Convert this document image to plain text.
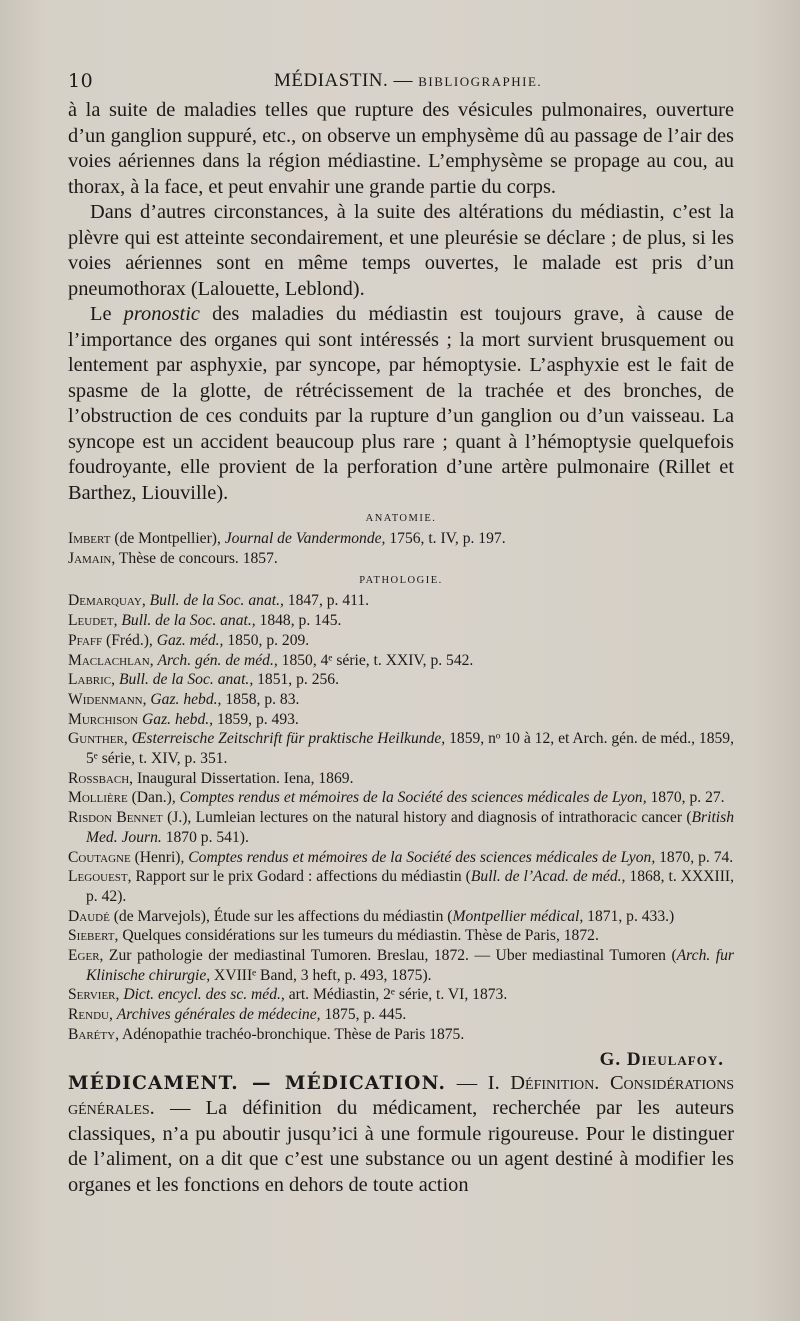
10	MÉDIASTIN. — BIBLIOGRAPHIE.

à la suite de maladies telles que rupture des vésicules pulmonaires, ouverture d’un ganglion suppuré, etc., on observe un emphysème dû au passage de l’air des voies aériennes dans la région médiastine. L’emphysème se propage au cou, au thorax, à la face, et peut envahir une grande partie du corps.

Dans d’autres circonstances, à la suite des altérations du médiastin, c’est la plèvre qui est atteinte secondairement, et une pleurésie se déclare ; de plus, si les voies aériennes sont en même temps ouvertes, le malade est pris d’un pneumothorax (Lalouette, Leblond).

Le pronostic des maladies du médiastin est toujours grave, à cause de l’importance des organes qui sont intéressés ; la mort survient brusquement ou lentement par asphyxie, par syncope, par hémoptysie. L’asphyxie est le fait de spasme de la glotte, de rétrécissement de la trachée et des bronches, de l’obstruction de ces conduits par la rupture d’un ganglion ou d’un vaisseau. La syncope est un accident beaucoup plus rare ; quant à l’hémoptysie quelquefois foudroyante, elle provient de la perforation d’une artère pulmonaire (Rillet et Barthez, Liouville).

ANATOMIE.
Imbert (de Montpellier), Journal de Vandermonde, 1756, t. IV, p. 197.
Jamain, Thèse de concours. 1857.
PATHOLOGIE.
Demarquay, Bull. de la Soc. anat., 1847, p. 411.
Leudet, Bull. de la Soc. anat., 1848, p. 145.
Pfaff (Fréd.), Gaz. méd., 1850, p. 209.
Maclachlan, Arch. gén. de méd., 1850, 4ᵉ série, t. XXIV, p. 542.
Labric, Bull. de la Soc. anat., 1851, p. 256.
Widenmann, Gaz. hebd., 1858, p. 83.
Murchison Gaz. hebd., 1859, p. 493.
Gunther, Œsterreische Zeitschrift für praktische Heilkunde, 1859, nᵒ 10 à 12, et Arch. gén. de méd., 1859, 5ᵉ série, t. XIV, p. 351.
Rossbach, Inaugural Dissertation. Iena, 1869.
Mollière (Dan.), Comptes rendus et mémoires de la Société des sciences médicales de Lyon, 1870, p. 27.
Risdon Bennet (J.), Lumleian lectures on the natural history and diagnosis of intrathoracic cancer (British Med. Journ. 1870 p. 541).
Coutagne (Henri), Comptes rendus et mémoires de la Société des sciences médicales de Lyon, 1870, p. 74.
Legouest, Rapport sur le prix Godard : affections du médiastin (Bull. de l’Acad. de méd., 1868, t. XXXIII, p. 42).
Daudé (de Marvejols), Étude sur les affections du médiastin (Montpellier médical, 1871, p. 433.)
Siebert, Quelques considérations sur les tumeurs du médiastin. Thèse de Paris, 1872.
Eger, Zur pathologie der mediastinal Tumoren. Breslau, 1872. — Uber mediastinal Tumoren (Arch. fur Klinische chirurgie, XVIIIᵉ Band, 3 heft, p. 493, 1875).
Servier, Dict. encycl. des sc. méd., art. Médiastin, 2ᵉ série, t. VI, 1873.
Rendu, Archives générales de médecine, 1875, p. 445.
Baréty, Adénopathie trachéo-bronchique. Thèse de Paris 1875.
G. Dieulafoy.

MÉDICAMENT. — MÉDICATION. — I. Définition. Considérations générales. — La définition du médicament, recherchée par les auteurs classiques, n’a pu aboutir jusqu’ici à une formule rigoureuse. Pour le distinguer de l’aliment, on a dit que c’est une substance ou un agent destiné à modifier les organes et les fonctions en dehors de toute action
